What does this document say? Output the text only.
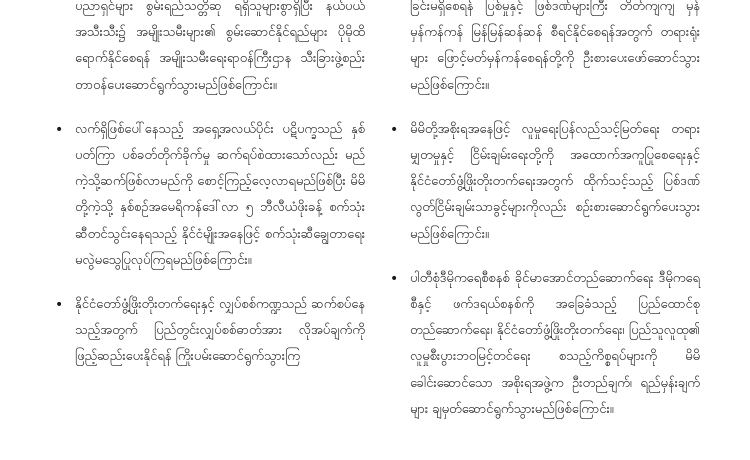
ပညာရှင်များ စွမ်းရည်သတ္တိဆု ရရှိသူများစွာရှိပြီး နယ်ပယ်အသီးသီး၌ အမျိုးသမီးများ၏ စွမ်းဆောင်နိုင်ရည်များ ပိုမိုထိရောက်နိုင်စေရန် အမျိုးသမီးရေးရာဝန်ကြီးဌာန သီးခြားဖွဲ့စည်း တာဝန်ပေးဆောင်ရွက်သွားမည်ဖြစ်ကြောင်း။

• လက်ရှိဖြစ်ပေါ်နေသည့် အရှေ့အလယ်ပိုင်း ပဋိပက္ခသည် နှစ်ပတ်ကြာ ပစ်ခတ်တိုက်ခိုက်မှု ဆက်ရပ်စဲထားသော်လည်း မည်ကဲ့သို့ဆက်ဖြစ်လာမည်ကို စောင့်ကြည့်လေ့လာရမည်ဖြစ်ပြီး မိမိတို့ကဲ့သို့ နှစ်စဉ်အမေရိကန်ဒေါ်လာ ၅ ဘီလီယံဖိုးခန့် စက်သုံးဆီတင်သွင်းနေရသည့် နိုင်ငံမျိုးအနေဖြင့် စက်သုံးဆီချွေတာရေး မလွဲမသွေပြုလုပ်ကြရမည်ဖြစ်ကြောင်း။

• နိုင်ငံတော်ဖွံ့ဖြိုးတိုးတက်ရေးနှင့် လျှပ်စစ်ကဏ္ဍသည် ဆက်စပ်နေသည့်အတွက် ပြည်တွင်းလျှပ်စစ်ဓာတ်အား လိုအပ်ချက်ကို ဖြည့်ဆည်းပေးနိုင်ရန် ကြိုးပမ်းဆောင်ရွက်သွားကြ

ခြင်းမရှိစေရန် ပြစ်မှုနှင့် ဖြစ်ဒဏ်များကြီး တိတ်ကျကျ မှန်မှန်ကန်ကန် မြန်မြန်ဆန်ဆန် စီရင်နိုင်စေရန်အတွက် တရားရုံးများ ဖြောင့်မတ်မှန်ကန်စေရန်တို့ကို ဦးစားပေးဖော်ဆောင်သွားမည်ဖြစ်ကြောင်း။

• မိမိတို့အစိုးရအနေဖြင့် လူမှုရေးပြန်လည်သင့်မြတ်ရေး တရားမျှတမှုနှင့် ငြိမ်းချမ်းရေးတို့ကို အထောက်အကူပြုစေရေးနှင့် နိုင်ငံတော်ဖွံ့ဖြိုးတိုးတက်ရေးအတွက် ထိုက်သင့်သည့် ပြစ်ဒဏ်လွတ်ငြိမ်းချမ်းသာခွင့်များကိုလည်း စဉ်းစားဆောင်ရွက်ပေးသွားမည်ဖြစ်ကြောင်း။

• ပါတီစုံဒီမိုကရေစီစနစ် ခိုင်မာအောင်တည်ဆောက်ရေး ဒီမိုကရေစီနှင့် ဖက်ဒရယ်စနစ်ကို အခြေခံသည့် ပြည်ထောင်စုတည်ဆောက်ရေး၊ နိုင်ငံတော်ဖွံ့ဖြိုးတိုးတက်ရေး၊ ပြည်သူလူထု၏ လူမှုစီးပွားဘဝမြင့်တင်ရေး စသည့်ကိစ္စရပ်များကို မိမိခေါင်းဆောင်သော အစိုးရအဖွဲ့က ဦးတည်ချက်၊ ရည်မှန်းချက်များ ချမှတ်ဆောင်ရွက်သွားမည်ဖြစ်ကြောင်း။
